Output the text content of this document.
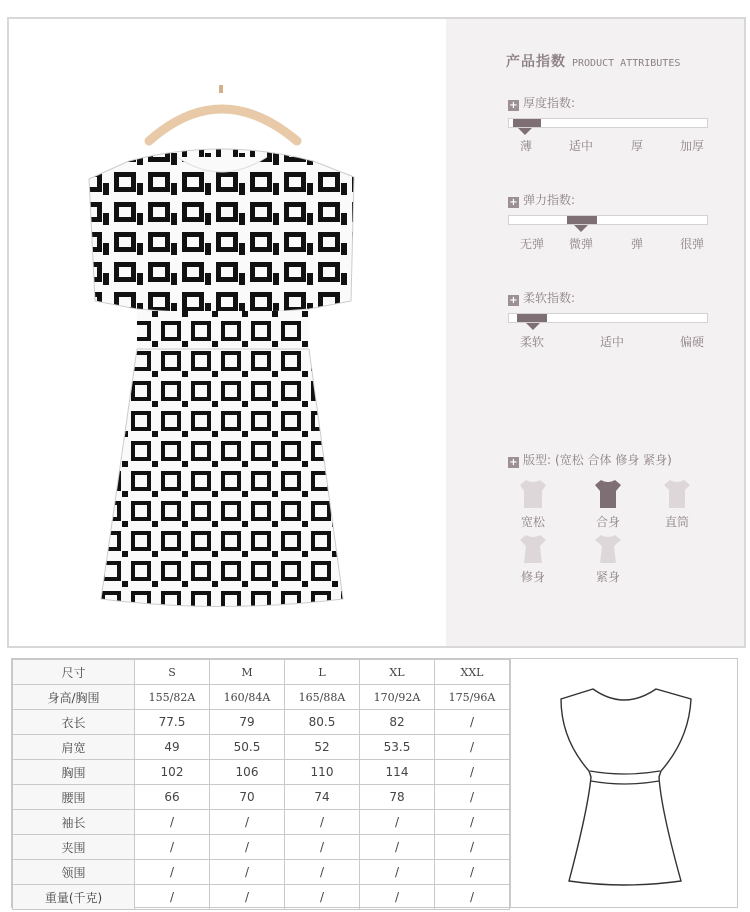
产品指数 PRODUCT ATTRIBUTES
+ 厚度指数:
薄	适中	厚	加厚
+ 弹力指数:
无弹 微弹	弹	很弹
+ 柔软指数:
柔软	适中	偏硬
+ 版型: (宽松 合体 修身 紧身)
宽松	合身	直筒
修身	紧身
尺寸	S	M	L	XL	XXL
身高/胸围	155/82A	160/84A	165/88A	170/92A	175/96A
衣长	77.5	79	80.5	82	/
肩宽	49	50.5	52	53.5	/
胸围	102	106	110	114	/
腰围	66	70	74	78	/
袖长	/	/	/	/	/
夹围	/	/	/	/	/
领围	/	/	/	/	/
重量(千克)	/	/	/	/	/
